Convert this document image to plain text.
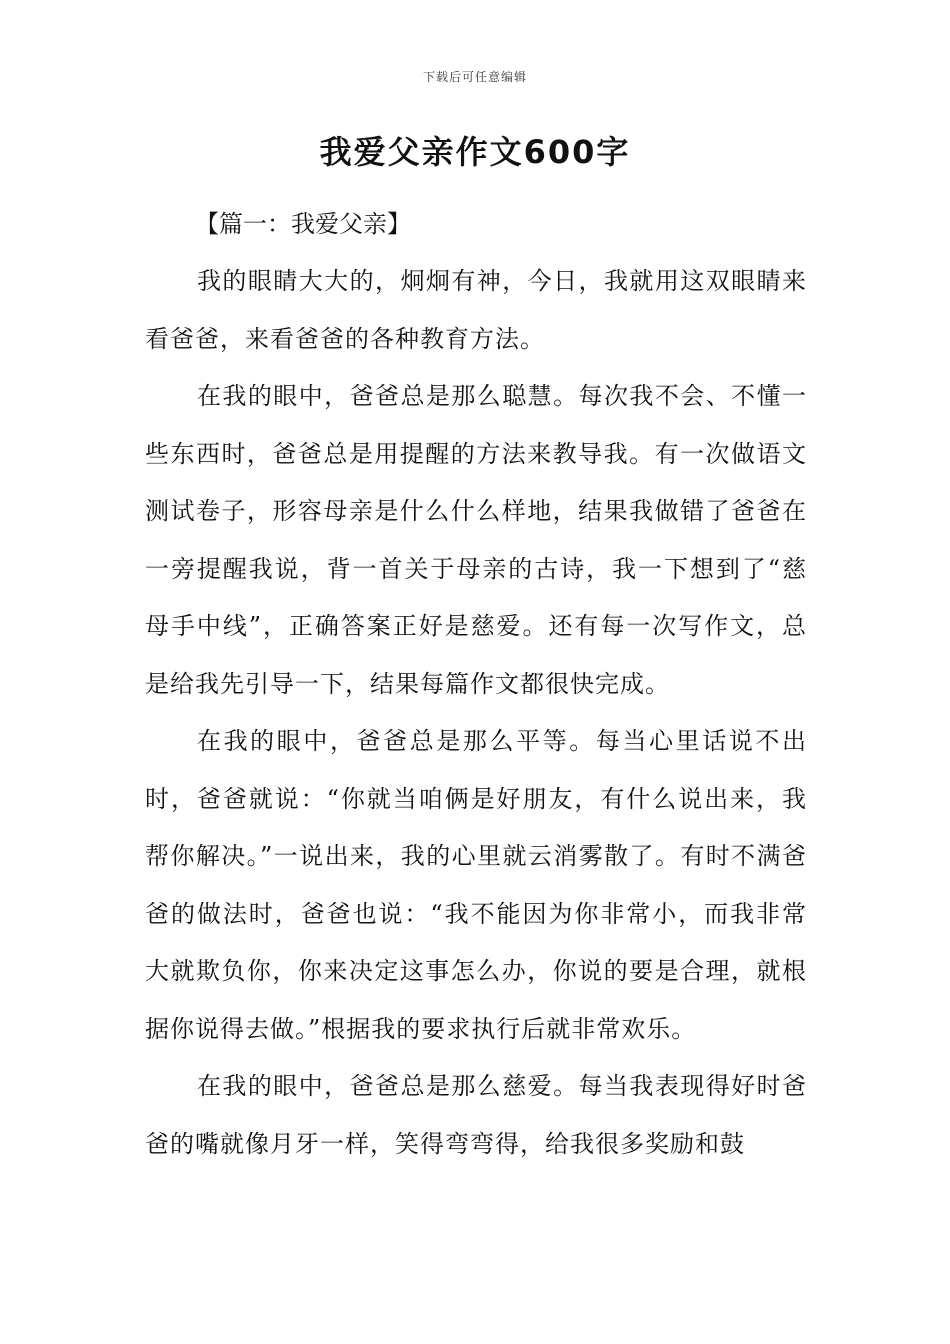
下载后可任意编辑
我爱父亲作文600字
【篇一：我爱父亲】

我的眼睛大大的，炯炯有神，今日，我就用这双眼睛来看爸爸，来看爸爸的各种教育方法。

在我的眼中，爸爸总是那么聪慧。每次我不会、不懂一些东西时，爸爸总是用提醒的方法来教导我。有一次做语文测试卷子，形容母亲是什么什么样地，结果我做错了爸爸在一旁提醒我说，背一首关于母亲的古诗，我一下想到了“慈母手中线”，正确答案正好是慈爱。还有每一次写作文，总是给我先引导一下，结果每篇作文都很快完成。

在我的眼中，爸爸总是那么平等。每当心里话说不出时，爸爸就说：“你就当咱俩是好朋友，有什么说出来，我帮你解决。”一说出来，我的心里就云消雾散了。有时不满爸爸的做法时，爸爸也说：“我不能因为你非常小，而我非常大就欺负你，你来决定这事怎么办，你说的要是合理，就根据你说得去做。”根据我的要求执行后就非常欢乐。

在我的眼中，爸爸总是那么慈爱。每当我表现得好时爸爸的嘴就像月牙一样，笑得弯弯得，给我很多奖励和鼓
